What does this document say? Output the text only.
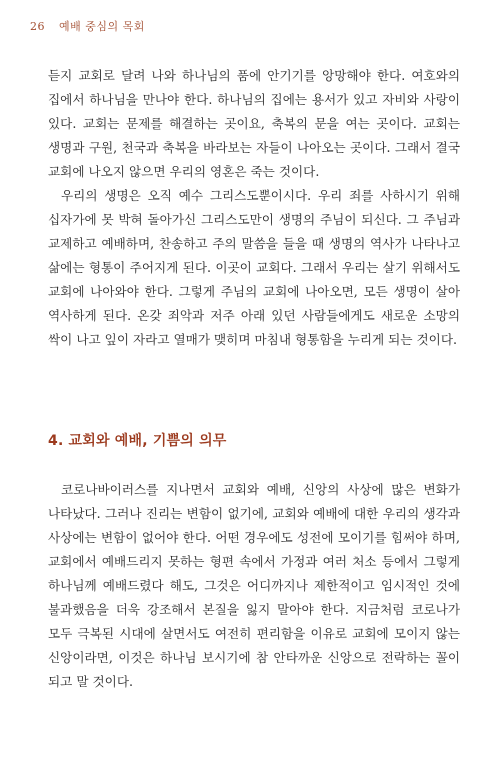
26 예배 중심의 목회

듣지 교회로 달려 나와 하나님의 품에 안기기를 앙망해야 한다. 여호와의 집에서 하나님을 만나야 한다. 하나님의 집에는 용서가 있고 자비와 사랑이 있다. 교회는 문제를 해결하는 곳이요, 축복의 문을 여는 곳이다. 교회는 생명과 구원, 천국과 축복을 바라보는 자들이 나아오는 곳이다. 그래서 결국 교회에 나오지 않으면 우리의 영혼은 죽는 것이다.

우리의 생명은 오직 예수 그리스도뿐이시다. 우리 죄를 사하시기 위해 십자가에 못 박혀 돌아가신 그리스도만이 생명의 주님이 되신다. 그 주님과 교제하고 예배하며, 찬송하고 주의 말씀을 들을 때 생명의 역사가 나타나고 삶에는 형통이 주어지게 된다. 이곳이 교회다. 그래서 우리는 살기 위해서도 교회에 나아와야 한다. 그렇게 주님의 교회에 나아오면, 모든 생명이 살아 역사하게 된다. 온갖 죄악과 저주 아래 있던 사람들에게도 새로운 소망의 싹이 나고 잎이 자라고 열매가 맺히며 마침내 형통함을 누리게 되는 것이다.

4. 교회와 예배, 기쁨의 의무

코로나바이러스를 지나면서 교회와 예배, 신앙의 사상에 많은 변화가 나타났다. 그러나 진리는 변함이 없기에, 교회와 예배에 대한 우리의 생각과 사상에는 변함이 없어야 한다. 어떤 경우에도 성전에 모이기를 힘써야 하며, 교회에서 예배드리지 못하는 형편 속에서 가정과 여러 처소 등에서 그렇게 하나님께 예배드렸다 해도, 그것은 어디까지나 제한적이고 임시적인 것에 불과했음을 더욱 강조해서 본질을 잃지 말아야 한다. 지금처럼 코로나가 모두 극복된 시대에 살면서도 여전히 편리함을 이유로 교회에 모이지 않는 신앙이라면, 이것은 하나님 보시기에 참 안타까운 신앙으로 전락하는 꼴이 되고 말 것이다.
